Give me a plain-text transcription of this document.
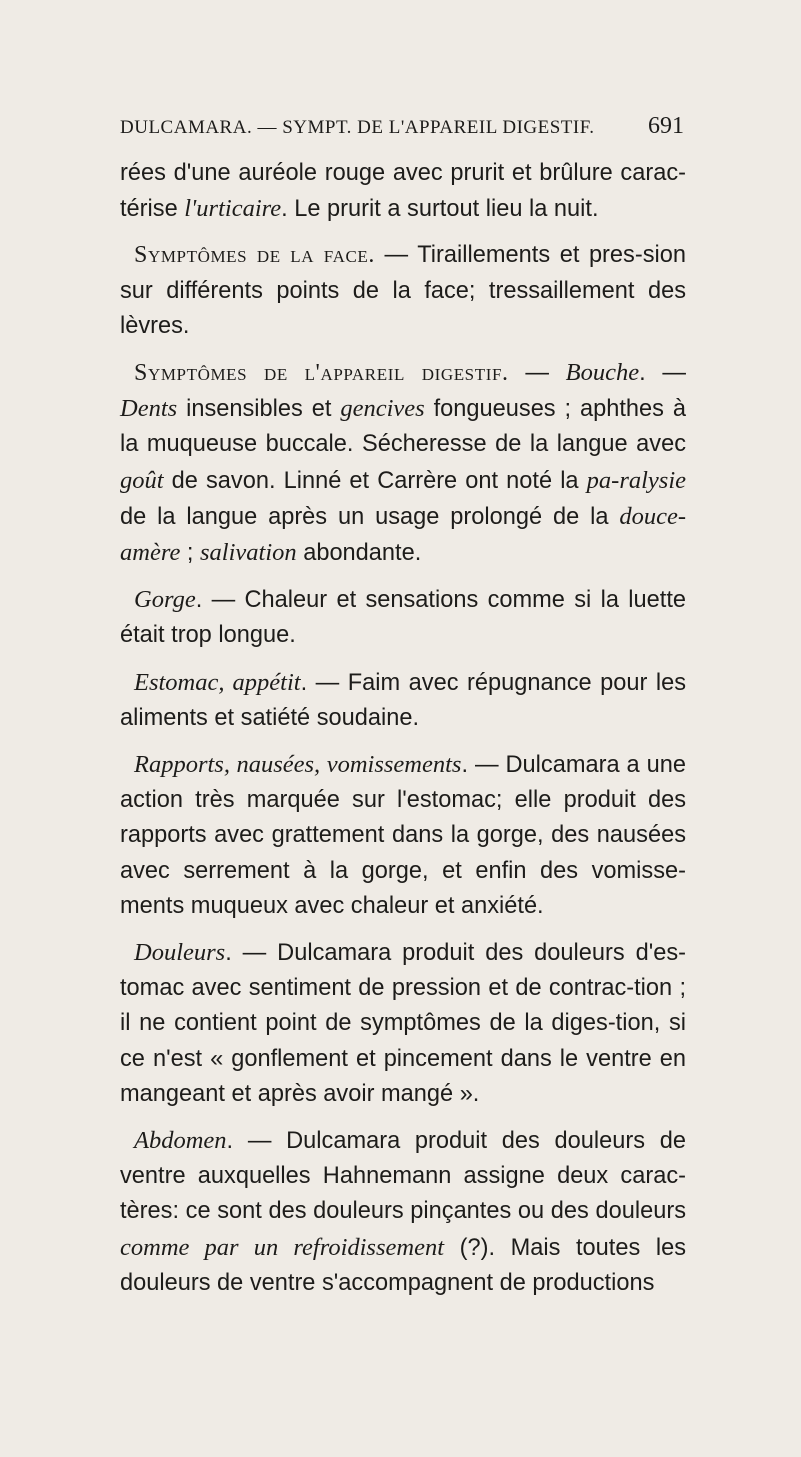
DULCAMARA. — SYMPT. DE L'APPAREIL DIGESTIF. 691

rées d'une auréole rouge avec prurit et brûlure carac-térise l'urticaire. Le prurit a surtout lieu la nuit.

Symptômes de la face. — Tiraillements et pres-sion sur différents points de la face; tressaillement des lèvres.

Symptômes de l'appareil digestif. — Bouche. — Dents insensibles et gencives fongueuses ; aphthes à la muqueuse buccale. Sécheresse de la langue avec goût de savon. Linné et Carrère ont noté la pa-ralysie de la langue après un usage prolongé de la douce-amère ; salivation abondante.

Gorge. — Chaleur et sensations comme si la luette était trop longue.

Estomac, appétit. — Faim avec répugnance pour les aliments et satiété soudaine.

Rapports, nausées, vomissements. — Dulcamara a une action très marquée sur l'estomac; elle produit des rapports avec grattement dans la gorge, des nausées avec serrement à la gorge, et enfin des vomisse-ments muqueux avec chaleur et anxiété.

Douleurs. — Dulcamara produit des douleurs d'es-tomac avec sentiment de pression et de contrac-tion ; il ne contient point de symptômes de la diges-tion, si ce n'est « gonflement et pincement dans le ventre en mangeant et après avoir mangé ».

Abdomen. — Dulcamara produit des douleurs de ventre auxquelles Hahnemann assigne deux carac-tères: ce sont des douleurs pinçantes ou des douleurs comme par un refroidissement (?). Mais toutes les douleurs de ventre s'accompagnent de productions
